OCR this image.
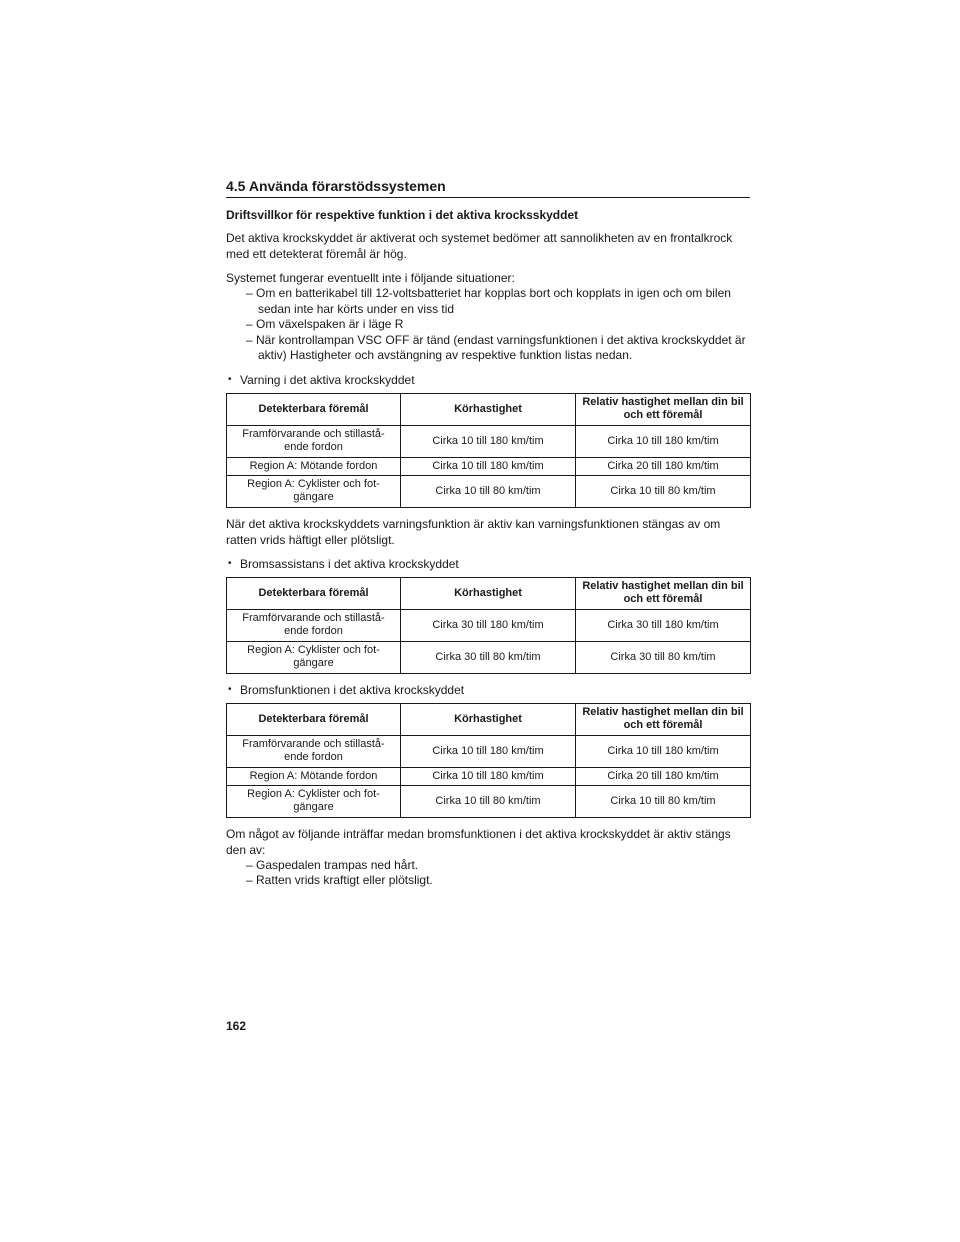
4.5 Använda förarstödssystemen
Driftsvillkor för respektive funktion i det aktiva krocksskyddet

Det aktiva krockskyddet är aktiverat och systemet bedömer att sannolikheten av en frontalkrock med ett detekterat föremål är hög.

Systemet fungerar eventuellt inte i följande situationer:

– Om en batterikabel till 12-voltsbatteriet har kopplas bort och kopplats in igen och om bilen sedan inte har körts under en viss tid
– Om växelspaken är i läge R
– När kontrollampan VSC OFF är tänd (endast varningsfunktionen i det aktiva krockskyddet är aktiv) Hastigheter och avstängning av respektive funktion listas nedan.
• Varning i det aktiva krockskyddet
Detekterbara föremål	Körhastighet	Relativ hastighet mellan din bil och ett föremål
Framförvarande och stillastå-ende fordon	Cirka 10 till 180 km/tim	Cirka 10 till 180 km/tim
Region A: Mötande fordon	Cirka 10 till 180 km/tim	Cirka 20 till 180 km/tim
Region A: Cyklister och fot-gängare	Cirka 10 till 80 km/tim	Cirka 10 till 80 km/tim

När det aktiva krockskyddets varningsfunktion är aktiv kan varningsfunktionen stängas av om ratten vrids häftigt eller plötsligt.

• Bromsassistans i det aktiva krockskyddet
Detekterbara föremål	Körhastighet	Relativ hastighet mellan din bil och ett föremål
Framförvarande och stillastå-ende fordon	Cirka 30 till 180 km/tim	Cirka 30 till 180 km/tim
Region A: Cyklister och fot-gängare	Cirka 30 till 80 km/tim	Cirka 30 till 80 km/tim
• Bromsfunktionen i det aktiva krockskyddet
Detekterbara föremål	Körhastighet	Relativ hastighet mellan din bil och ett föremål
Framförvarande och stillastå-ende fordon	Cirka 10 till 180 km/tim	Cirka 10 till 180 km/tim
Region A: Mötande fordon	Cirka 10 till 180 km/tim	Cirka 20 till 180 km/tim
Region A: Cyklister och fot-gängare	Cirka 10 till 80 km/tim	Cirka 10 till 80 km/tim

Om något av följande inträffar medan bromsfunktionen i det aktiva krockskyddet är aktiv stängs den av:

– Gaspedalen trampas ned hårt.
– Ratten vrids kraftigt eller plötsligt.
162
